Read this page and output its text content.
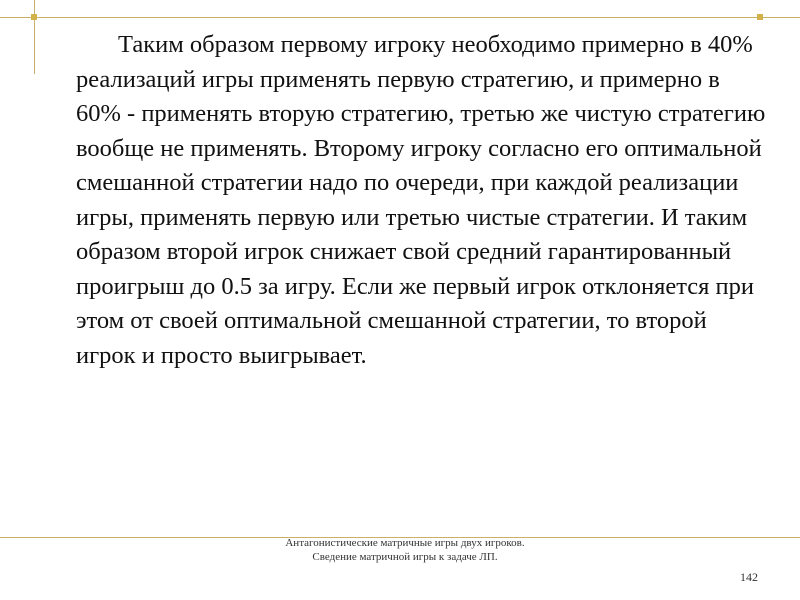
Таким образом первому игроку необходимо примерно в 40% реализаций игры применять первую стратегию, и примерно в 60% - применять вторую стратегию, третью же чистую стратегию вообще не применять. Второму игроку согласно его оптимальной смешанной стратегии надо по очереди, при каждой реализации игры, применять первую или третью чистые стратегии. И таким образом второй игрок снижает свой средний гарантированный проигрыш до 0.5 за игру. Если же первый игрок отклоняется при этом от своей оптимальной смешанной стратегии, то второй игрок и просто выигрывает.

Антагонистические матричные игры двух игроков. Сведение матричной игры к задаче ЛП.
142
